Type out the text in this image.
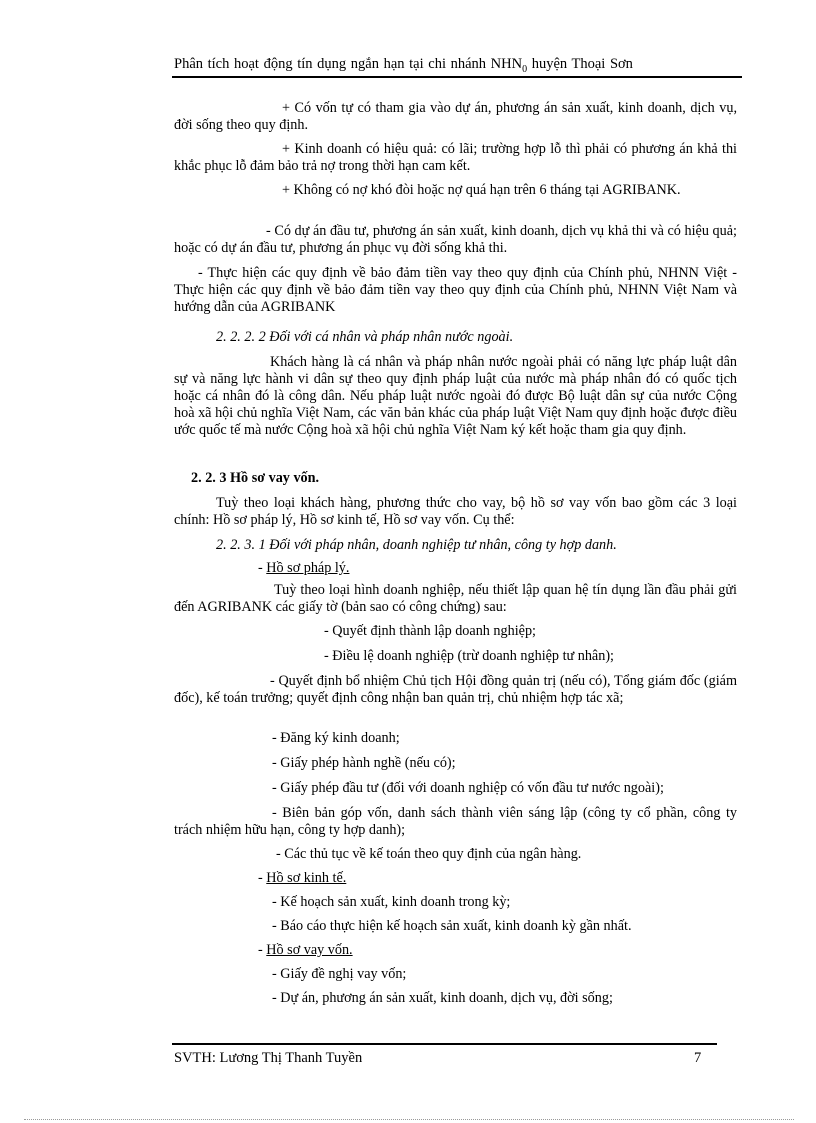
Phân tích hoạt động tín dụng ngắn hạn tại chi nhánh $NHN_0$ huyện Thoại Sơn

+ Có vốn tự có tham gia vào dự án, phương án sản xuất, kinh doanh, dịch vụ, đời sống theo quy định.

+ Kinh doanh có hiệu quả: có lãi; trường hợp lỗ thì phải có phương án khả thi khắc phục lỗ đảm bảo trả nợ trong thời hạn cam kết.

+ Không có nợ khó đòi hoặc nợ quá hạn trên 6 tháng tại AGRIBANK.

- Có dự án đầu tư, phương án sản xuất, kinh doanh, dịch vụ khả thi và có hiệu quả; hoặc có dự án đầu tư, phương án phục vụ đời sống khả thi.

- Thực hiện các quy định về bảo đảm tiền vay theo quy định của Chính phủ, NHNN Việt - Thực hiện các quy định về bảo đảm tiền vay theo quy định của Chính phủ, NHNN Việt Nam và hướng dẫn của AGRIBANK

2. 2. 2. 2 Đối với cá nhân và pháp nhân nước ngoài.

Khách hàng là cá nhân và pháp nhân nước ngoài phải có năng lực pháp luật dân sự và năng lực hành vi dân sự theo quy định pháp luật của nước mà pháp nhân đó có quốc tịch hoặc cá nhân đó là công dân. Nếu pháp luật nước ngoài đó được Bộ luật dân sự của nước Cộng hoà xã hội chủ nghĩa Việt Nam, các văn bản khác của pháp luật Việt Nam quy định hoặc được điều ước quốc tế mà nước Cộng hoà xã hội chủ nghĩa Việt Nam ký kết hoặc tham gia quy định.

2. 2. 3 Hồ sơ vay vốn.

Tuỳ theo loại khách hàng, phương thức cho vay, bộ hồ sơ vay vốn bao gồm các 3 loại chính: Hồ sơ pháp lý, Hồ sơ kinh tế, Hồ sơ vay vốn. Cụ thể:

2. 2. 3. 1 Đối với pháp nhân, doanh nghiệp tư nhân, công ty hợp danh.

- Hồ sơ pháp lý.

Tuỳ theo loại hình doanh nghiệp, nếu thiết lập quan hệ tín dụng lần đầu phải gửi đến AGRIBANK các giấy tờ (bản sao có công chứng) sau:

- Quyết định thành lập doanh nghiệp;
- Điều lệ doanh nghiệp (trừ doanh nghiệp tư nhân);

- Quyết định bổ nhiệm Chủ tịch Hội đồng quản trị (nếu có), Tổng giám đốc (giám đốc), kế toán trưởng; quyết định công nhận ban quản trị, chủ nhiệm hợp tác xã;

- Đăng ký kinh doanh;
- Giấy phép hành nghề (nếu có);
- Giấy phép đầu tư (đối với doanh nghiệp có vốn đầu tư nước ngoài);

- Biên bản góp vốn, danh sách thành viên sáng lập (công ty cổ phần, công ty trách nhiệm hữu hạn, công ty hợp danh);

- Các thủ tục về kế toán theo quy định của ngân hàng.
- Hồ sơ kinh tế.
- Kế hoạch sản xuất, kinh doanh trong kỳ;
- Báo cáo thực hiện kế hoạch sản xuất, kinh doanh kỳ gần nhất.
- Hồ sơ vay vốn.
- Giấy đề nghị vay vốn;
- Dự án, phương án sản xuất, kinh doanh, dịch vụ, đời sống;
SVTH: Lương Thị Thanh Tuyền	7
